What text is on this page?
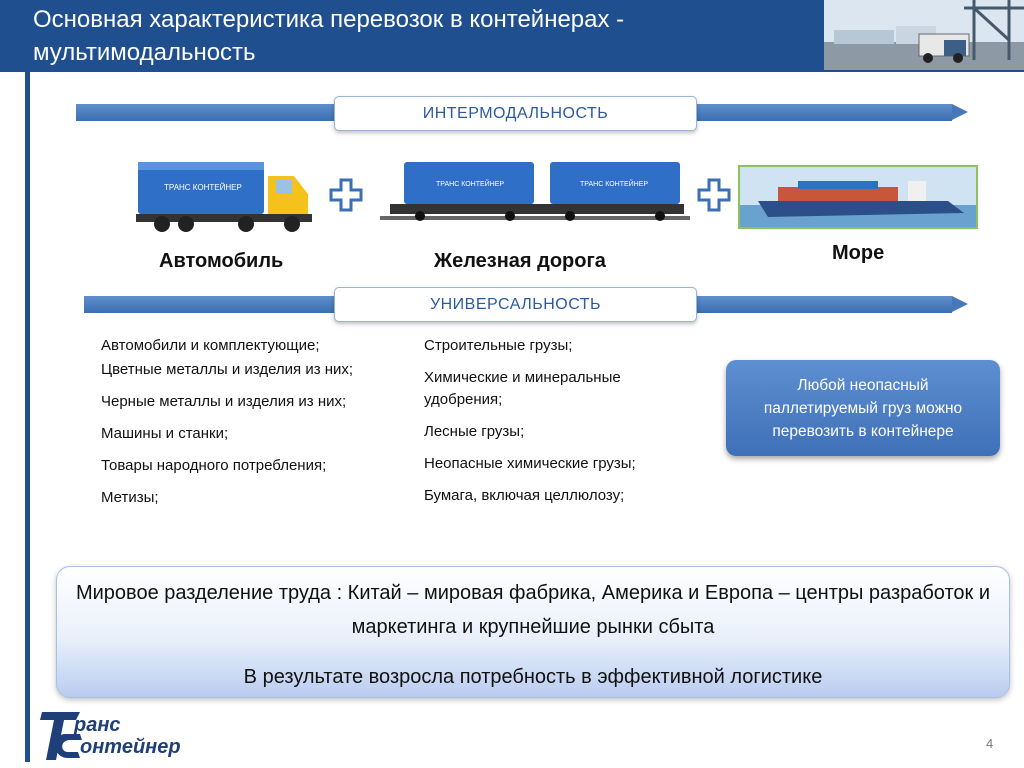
Основная характеристика перевозок в контейнерах - мультимодальность
ИНТЕРМОДАЛЬНОСТЬ
ТРАНС КОНТЕЙНЕР	ТРАНС КОНТЕЙНЕР	ТРАНС КОНТЕЙНЕР
Автомобиль	Железная дорога	Море
УНИВЕРСАЛЬНОСТЬ
Автомобили и комплектующие;
Цветные металлы и изделия из них;
Черные металлы и изделия из них;
Машины и станки;
Товары народного потребления;
Метизы;
Строительные грузы;
Химические и минеральные удобрения;
Лесные грузы;
Неопасные химические грузы;
Бумага, включая целлюлозу;
Любой неопасный паллетируемый груз можно перевозить в контейнере
Мировое разделение труда : Китай – мировая фабрика, Америка и Европа – центры разработок и маркетинга и крупнейшие рынки сбыта
В результате возросла потребность в эффективной логистике
рaнс
онтейнер	4
